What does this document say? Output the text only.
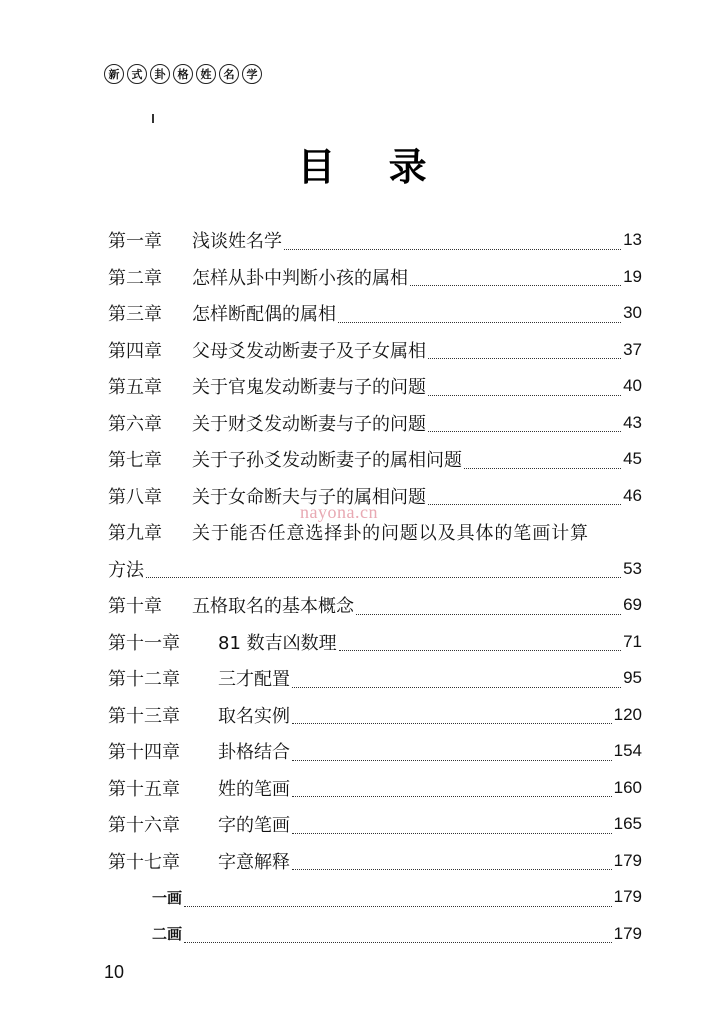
新	式	卦	格	姓	名	学
目 录
第一章 浅谈姓名学	13
第二章 怎样从卦中判断小孩的属相	19
第三章 怎样断配偶的属相	30
第四章 父母爻发动断妻子及子女属相	37
第五章 关于官鬼发动断妻与子的问题	40
第六章 关于财爻发动断妻与子的问题	43
第七章 关于子孙爻发动断妻子的属相问题	45
第八章 关于女命断夫与子的属相问题	46
第九章 关于能否任意选择卦的问题以及具体的笔画计算
方法	53
第十章 五格取名的基本概念	69
第十一章 81 数吉凶数理	71
第十二章 三才配置	95
第十三章 取名实例	120
第十四章 卦格结合	154
第十五章 姓的笔画	160
第十六章 字的笔画	165
第十七章 字意解释	179
一画	179
二画	179
nayona.cn
10
